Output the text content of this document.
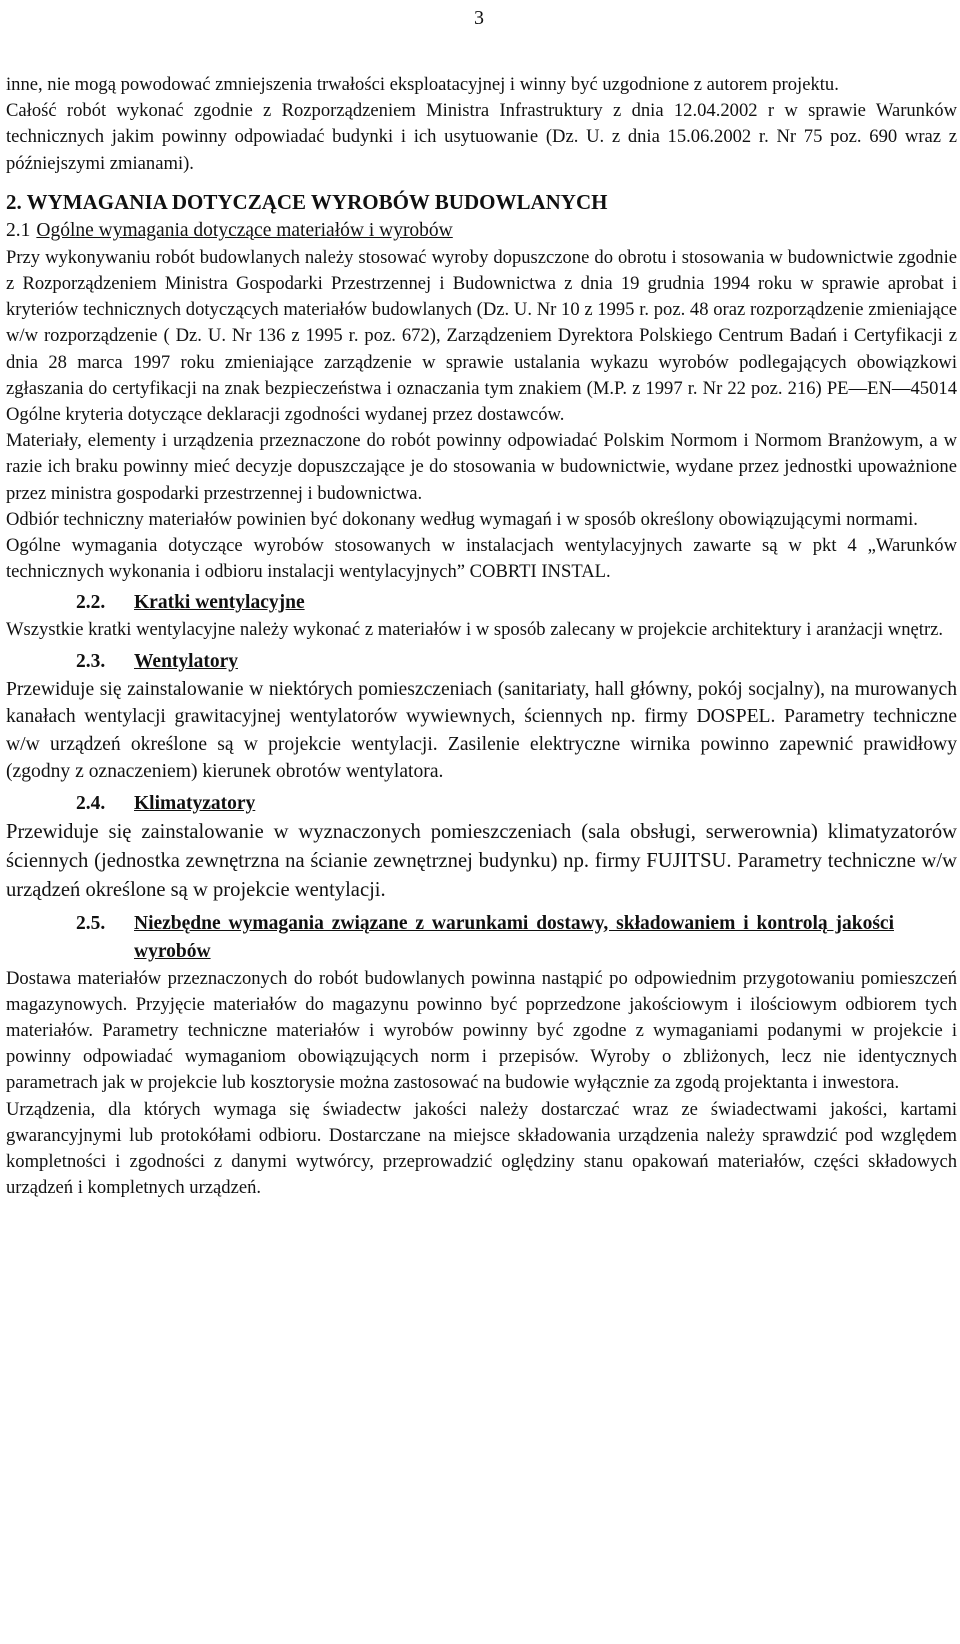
3

inne, nie mogą powodować zmniejszenia trwałości eksploatacyjnej i winny być uzgodnione z autorem projektu.

Całość robót wykonać zgodnie z Rozporządzeniem Ministra Infrastruktury z dnia 12.04.2002 r w sprawie Warunków technicznych jakim powinny odpowiadać budynki i ich usytuowanie (Dz. U. z dnia 15.06.2002 r. Nr 75 poz. 690 wraz z późniejszymi zmianami).

2. WYMAGANIA DOTYCZĄCE WYROBÓW BUDOWLANYCH
2.1 Ogólne wymagania dotyczące materiałów i wyrobów

Przy wykonywaniu robót budowlanych należy stosować wyroby dopuszczone do obrotu i stosowania w budownictwie zgodnie z Rozporządzeniem Ministra Gospodarki Przestrzennej i Budownictwa z dnia 19 grudnia 1994 roku w sprawie aprobat i kryteriów technicznych dotyczących materiałów budowlanych (Dz. U. Nr 10 z 1995 r. poz. 48 oraz rozporządzenie zmieniające w/w rozporządzenie ( Dz. U. Nr 136 z 1995 r. poz. 672), Zarządzeniem Dyrektora Polskiego Centrum Badań i Certyfikacji z dnia 28 marca 1997 roku zmieniające zarządzenie w sprawie ustalania wykazu wyrobów podlegających obowiązkowi zgłaszania do certyfikacji na znak bezpieczeństwa i oznaczania tym znakiem (M.P. z 1997 r. Nr 22 poz. 216) PE—EN—45014 Ogólne kryteria dotyczące deklaracji zgodności wydanej przez dostawców.

Materiały, elementy i urządzenia przeznaczone do robót powinny odpowiadać Polskim Normom i Normom Branżowym, a w razie ich braku powinny mieć decyzje dopuszczające je do stosowania w budownictwie, wydane przez jednostki upoważnione przez ministra gospodarki przestrzennej i budownictwa.

Odbiór techniczny materiałów powinien być dokonany według wymagań i w sposób określony obowiązującymi normami.

Ogólne wymagania dotyczące wyrobów stosowanych w instalacjach wentylacyjnych zawarte są w pkt 4 „Warunków technicznych wykonania i odbioru instalacji wentylacyjnych” COBRTI INSTAL.

2.2.	Kratki wentylacyjne

Wszystkie kratki wentylacyjne należy wykonać z materiałów i w sposób zalecany w projekcie architektury i aranżacji wnętrz.

2.3.	Wentylatory

Przewiduje się zainstalowanie w niektórych pomieszczeniach (sanitariaty, hall główny, pokój socjalny), na murowanych kanałach wentylacji grawitacyjnej wentylatorów wywiewnych, ściennych np. firmy DOSPEL. Parametry techniczne w/w urządzeń określone są w projekcie wentylacji. Zasilenie elektryczne wirnika powinno zapewnić prawidłowy (zgodny z oznaczeniem) kierunek obrotów wentylatora.

2.4.	Klimatyzatory

Przewiduje się zainstalowanie w wyznaczonych pomieszczeniach (sala obsługi, serwerownia) klimatyzatorów ściennych (jednostka zewnętrzna na ścianie zewnętrznej budynku) np. firmy FUJITSU. Parametry techniczne w/w urządzeń określone są w projekcie wentylacji.

2.5.	Niezbędne wymagania związane z warunkami dostawy, składowaniem i kontrolą jakości wyrobów

Dostawa materiałów przeznaczonych do robót budowlanych powinna nastąpić po odpowiednim przygotowaniu pomieszczeń magazynowych. Przyjęcie materiałów do magazynu powinno być poprzedzone jakościowym i ilościowym odbiorem tych materiałów. Parametry techniczne materiałów i wyrobów powinny być zgodne z wymaganiami podanymi w projekcie i powinny odpowiadać wymaganiom obowiązujących norm i przepisów. Wyroby o zbliżonych, lecz nie identycznych parametrach jak w projekcie lub kosztorysie można zastosować na budowie wyłącznie za zgodą projektanta i inwestora.

Urządzenia, dla których wymaga się świadectw jakości należy dostarczać wraz ze świadectwami jakości, kartami gwarancyjnymi lub protokółami odbioru. Dostarczane na miejsce składowania urządzenia należy sprawdzić pod względem kompletności i zgodności z danymi wytwórcy, przeprowadzić oględziny stanu opakowań materiałów, części składowych urządzeń i kompletnych urządzeń.
